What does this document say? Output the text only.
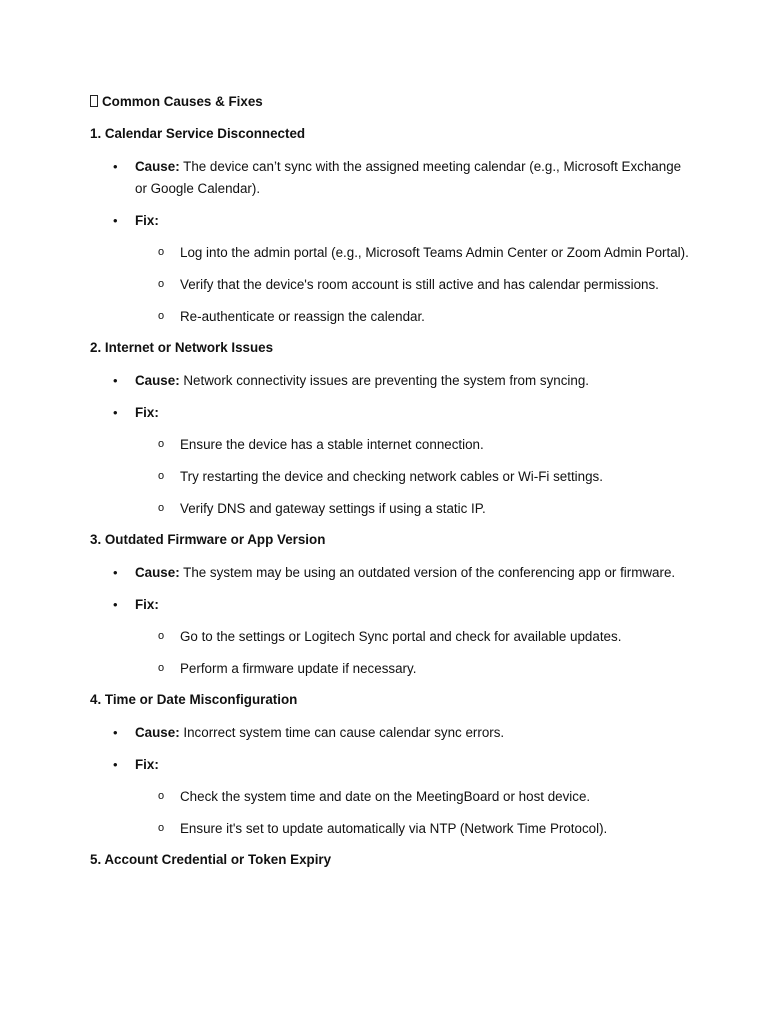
Common Causes & Fixes
1. Calendar Service Disconnected
• Cause: The device can’t sync with the assigned meeting calendar (e.g., Microsoft Exchange or Google Calendar).
• Fix:
o Log into the admin portal (e.g., Microsoft Teams Admin Center or Zoom Admin Portal).
o Verify that the device's room account is still active and has calendar permissions.
o Re-authenticate or reassign the calendar.
2. Internet or Network Issues
• Cause: Network connectivity issues are preventing the system from syncing.
• Fix:
o Ensure the device has a stable internet connection.
o Try restarting the device and checking network cables or Wi-Fi settings.
o Verify DNS and gateway settings if using a static IP.
3. Outdated Firmware or App Version
• Cause: The system may be using an outdated version of the conferencing app or firmware.
• Fix:
o Go to the settings or Logitech Sync portal and check for available updates.
o Perform a firmware update if necessary.
4. Time or Date Misconfiguration
• Cause: Incorrect system time can cause calendar sync errors.
• Fix:
o Check the system time and date on the MeetingBoard or host device.
o Ensure it's set to update automatically via NTP (Network Time Protocol).
5. Account Credential or Token Expiry
